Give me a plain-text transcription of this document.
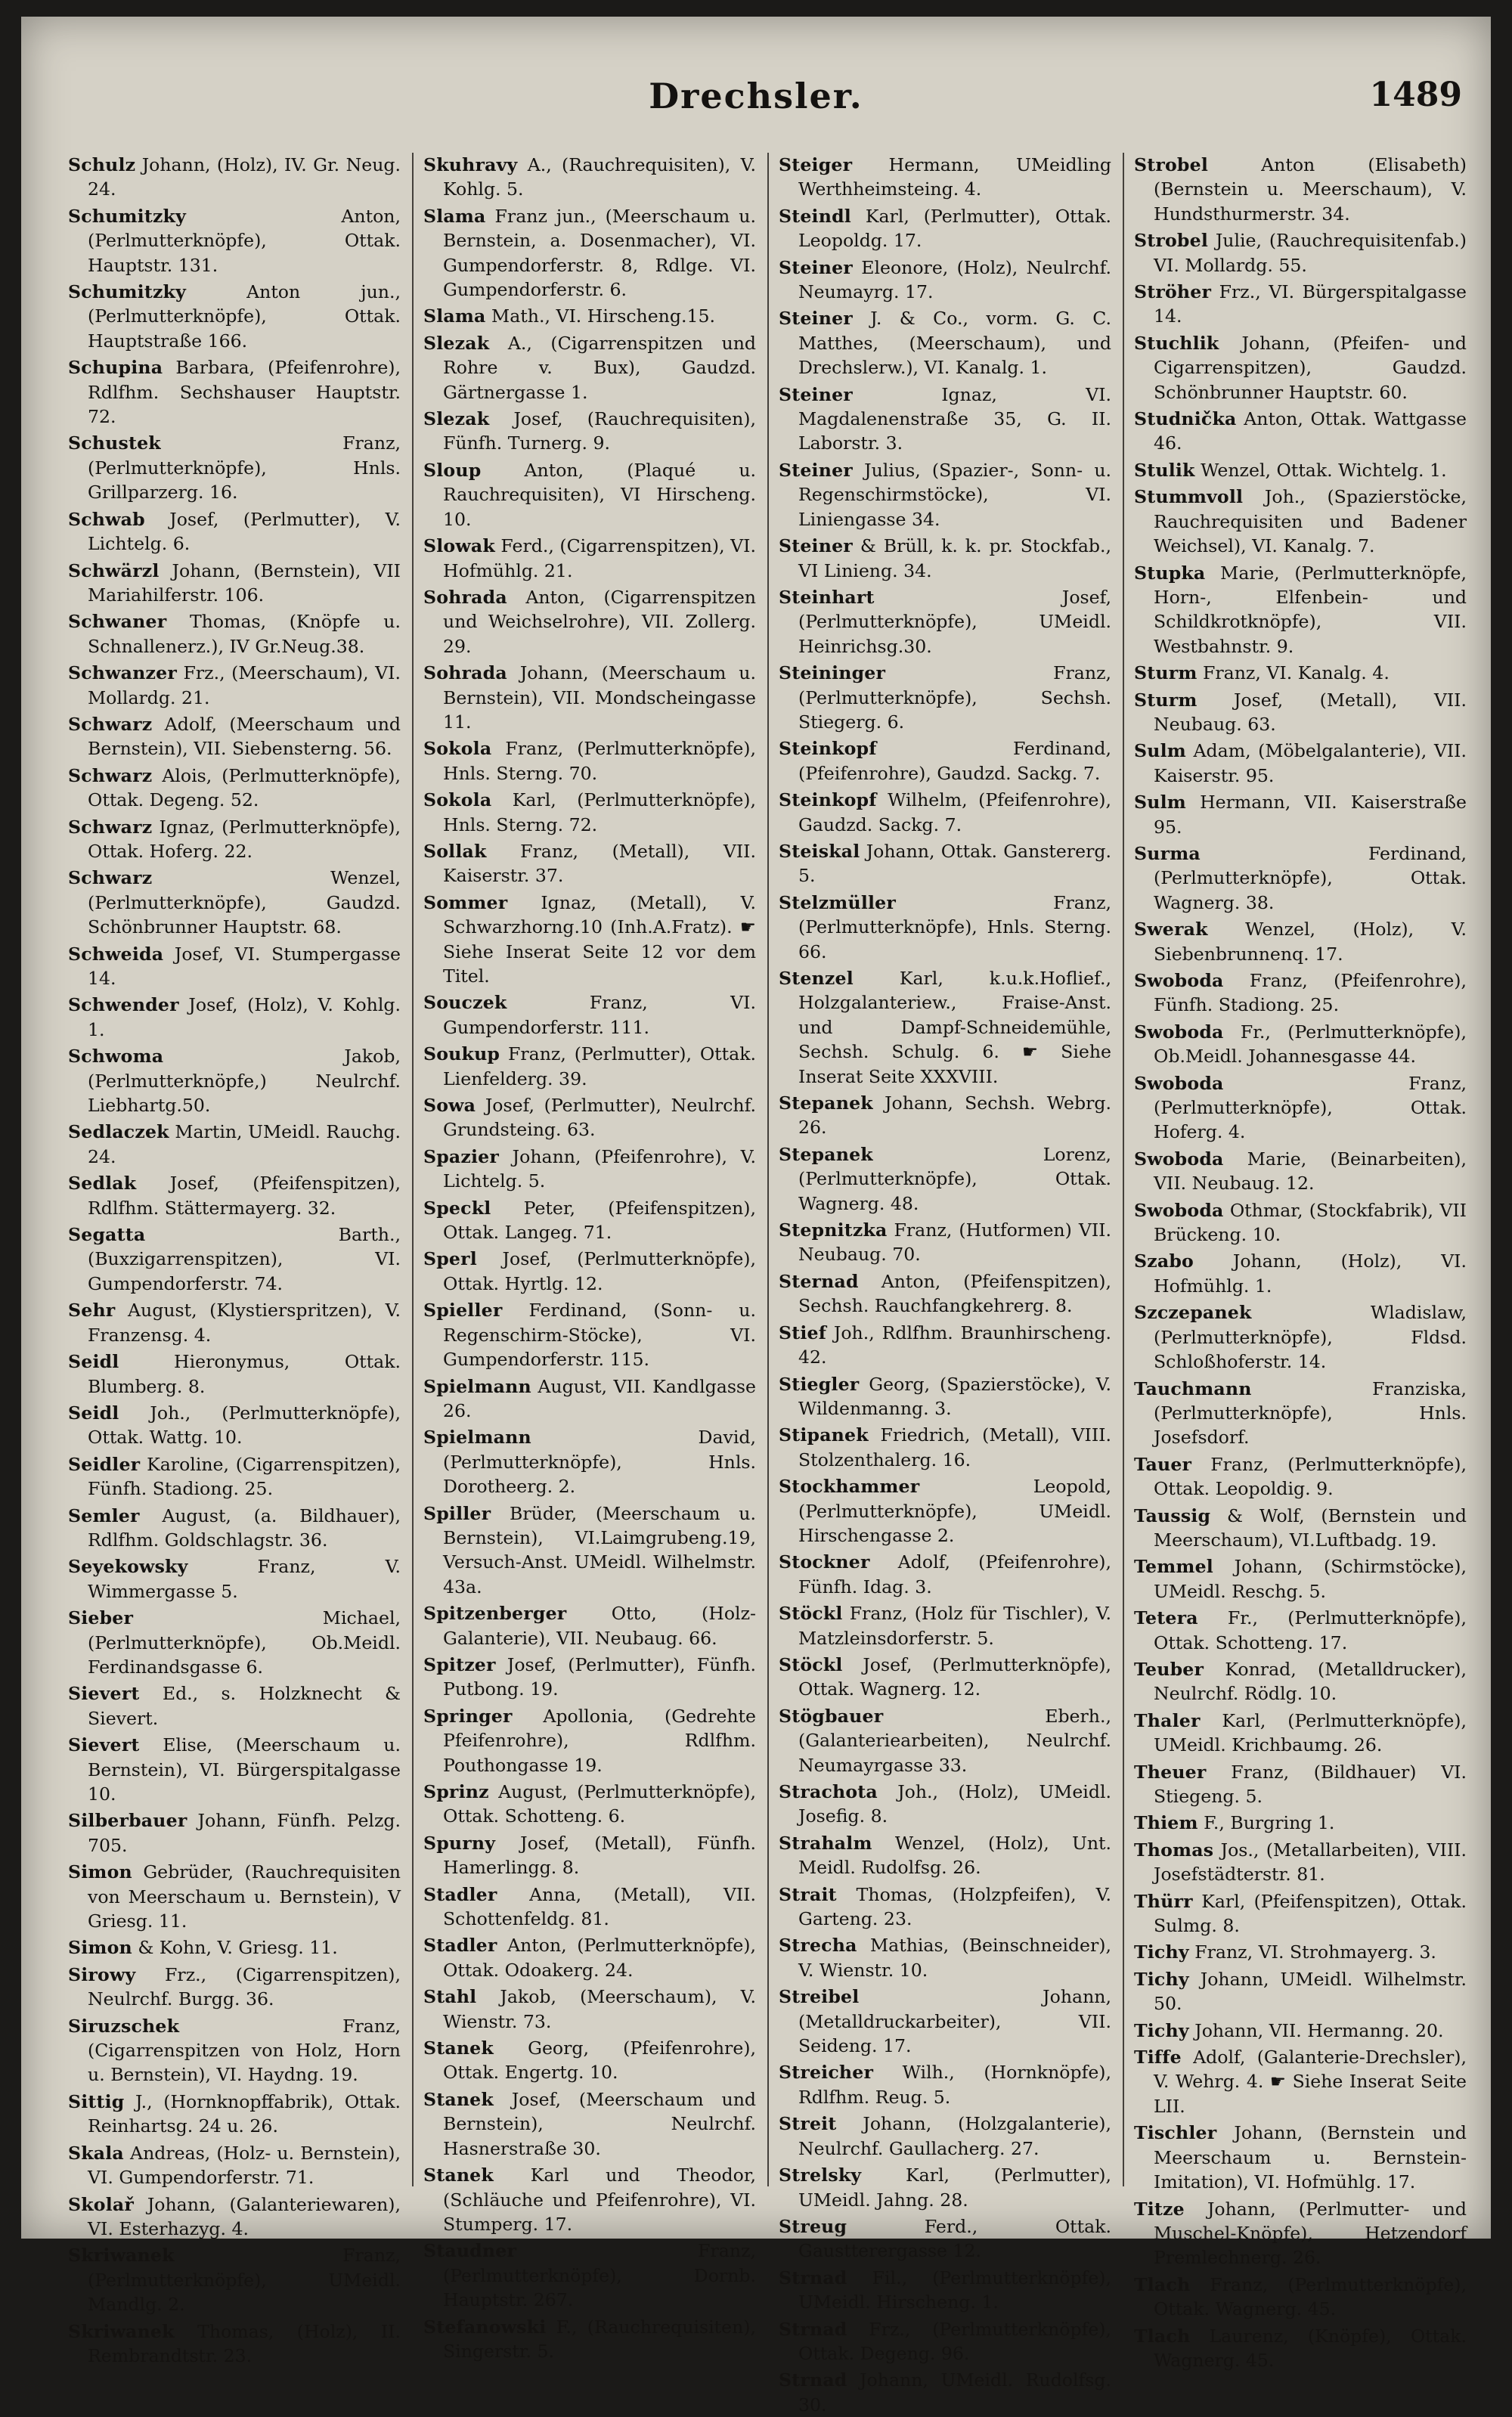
Drechsler.	1489
Schulz Johann, (Holz), IV. Gr. Neug. 24.
Schumitzky	Anton, (Perlmutterknöpfe), Ottak. Hauptstr. 131.
Schumitzky	Anton jun., (Perlmutterknöpfe), Ottak. Hauptstraße 166.
Schupina Barbara, (Pfeifenrohre), Rdlfhm. Sechshauser Hauptstr. 72.
Schustek	Franz, (Perlmutterknöpfe), Hnls. Grillparzerg. 16.
Schwab Josef, (Perlmutter), V. Lichtelg. 6.
Schwärzl Johann, (Bernstein), VII Mariahilferstr. 106.
Schwaner Thomas, (Knöpfe u. Schnallenerz.), IV Gr.Neug.38.
Schwanzer Frz., (Meerschaum), VI. Mollardg. 21.
Schwarz Adolf, (Meerschaum und Bernstein), VII. Siebensterng. 56.
Schwarz Alois, (Perlmutterknöpfe), Ottak. Degeng. 52.
Schwarz Ignaz, (Perlmutterknöpfe), Ottak. Hoferg. 22.
Schwarz	Wenzel, (Perlmutterknöpfe), Gaudzd. Schönbrunner Hauptstr. 68.
Schweida Josef, VI. Stumpergasse 14.
Schwender Josef, (Holz), V. Kohlg. 1.
Schwoma	Jakob, (Perlmutterknöpfe,) Neulrchf. Liebhartg.50.
Sedlaczek Martin, UMeidl. Rauchg. 24.
Sedlak Josef, (Pfeifenspitzen), Rdlfhm. Stättermayerg. 32.
Segatta	Barth., (Buxzigarrenspitzen), VI. Gumpendorferstr. 74.
Sehr August, (Klystierspritzen), V. Franzensg. 4.
Seidl	Hieronymus, Ottak. Blumberg. 8.
Seidl Joh., (Perlmutterknöpfe), Ottak. Wattg. 10.
Seidler Karoline, (Cigarrenspitzen), Fünfh. Stadiong. 25.
Semler August, (a. Bildhauer), Rdlfhm. Goldschlagstr. 36.
Seyekowsky	Franz, V. Wimmergasse 5.
Sieber	Michael, (Perlmutterknöpfe), Ob.Meidl. Ferdinandsgasse 6.
Sievert Ed., s. Holzknecht & Sievert.
Sievert Elise, (Meerschaum u. Bernstein), VI. Bürgerspitalgasse 10.
Silberbauer Johann, Fünfh. Pelzg. 705.
Simon Gebrüder, (Rauchrequisiten von Meerschaum u. Bernstein), V Griesg. 11.
Simon & Kohn, V. Griesg. 11.
Sirowy Frz., (Cigarrenspitzen), Neulrchf. Burgg. 36.
Siruzschek	Franz, (Cigarrenspitzen von Holz, Horn u. Bernstein), VI. Haydng. 19.
Sittig J., (Hornknopffabrik), Ottak. Reinhartsg. 24 u. 26.
Skala Andreas, (Holz- u. Bernstein), VI. Gumpendorferstr. 71.
Skolař Johann, (Galanteriewaren), VI. Esterhazyg. 4.
Skriwanek	Franz, (Perlmutterknöpfe), UMeidl. Mandlg. 2.
Skriwanek Thomas, (Holz), II. Rembrandtstr. 23.
Skuhravy A., (Rauchrequisiten), V. Kohlg. 5.
Slama Franz jun., (Meerschaum u. Bernstein, a. Dosenmacher), VI. Gumpendorferstr. 8, Rdlge. VI. Gumpendorferstr. 6.
Slama Math., VI. Hirscheng.15.
Slezak A., (Cigarrenspitzen und Rohre v. Bux), Gaudzd. Gärtnergasse 1.
Slezak Josef, (Rauchrequisiten), Fünfh. Turnerg. 9.
Sloup Anton, (Plaqué u. Rauchrequisiten), VI Hirscheng. 10.
Slowak Ferd., (Cigarrenspitzen), VI. Hofmühlg. 21.
Sohrada Anton, (Cigarrenspitzen und Weichselrohre), VII. Zollerg. 29.
Sohrada Johann, (Meerschaum u. Bernstein), VII. Mondscheingasse 11.
Sokola Franz, (Perlmutterknöpfe), Hnls. Sterng. 70.
Sokola Karl, (Perlmutterknöpfe), Hnls. Sterng. 72.
Sollak Franz, (Metall), VII. Kaiserstr. 37.
Sommer Ignaz, (Metall), V. Schwarzhorng.10 (Inh.A.Fratz). ☛ Siehe Inserat Seite 12 vor dem Titel.
Souczek	Franz, VI. Gumpendorferstr. 111.
Soukup Franz, (Perlmutter), Ottak. Lienfelderg. 39.
Sowa Josef, (Perlmutter), Neulrchf. Grundsteing. 63.
Spazier Johann, (Pfeifenrohre), V. Lichtelg. 5.
Speckl Peter, (Pfeifenspitzen), Ottak. Langeg. 71.
Sperl Josef, (Perlmutterknöpfe), Ottak. Hyrtlg. 12.
Spieller Ferdinand, (Sonn- u. Regenschirm-Stöcke), VI. Gumpendorferstr. 115.
Spielmann August, VII. Kandlgasse 26.
Spielmann	David, (Perlmutterknöpfe), Hnls. Dorotheerg. 2.
Spiller Brüder, (Meerschaum u. Bernstein), VI.Laimgrubeng.19, Versuch-Anst. UMeidl. Wilhelmstr. 43a.
Spitzenberger	Otto, (Holz-Galanterie), VII. Neubaug. 66.
Spitzer Josef, (Perlmutter), Fünfh. Putbong. 19.
Springer Apollonia, (Gedrehte Pfeifenrohre), Rdlfhm. Pouthongasse 19.
Sprinz August, (Perlmutterknöpfe), Ottak. Schotteng. 6.
Spurny Josef, (Metall), Fünfh. Hamerlingg. 8.
Stadler Anna, (Metall), VII. Schottenfeldg. 81.
Stadler Anton, (Perlmutterknöpfe), Ottak. Odoakerg. 24.
Stahl Jakob, (Meerschaum), V. Wienstr. 73.
Stanek Georg, (Pfeifenrohre), Ottak. Engertg. 10.
Stanek Josef, (Meerschaum und Bernstein), Neulrchf. Hasnerstraße 30.
Stanek Karl und Theodor, (Schläuche und Pfeifenrohre), VI. Stumperg. 17.
Staudner	Franz, (Perlmutterknöpfe), Dornb. Hauptstr. 267.
Stefanowski F., (Rauchrequisiten), Singerstr. 5.
Steiger Hermann, UMeidling Werthheimsteing. 4.
Steindl Karl, (Perlmutter), Ottak. Leopoldg. 17.
Steiner Eleonore, (Holz), Neulrchf. Neumayrg. 17.
Steiner J. & Co., vorm. G. C. Matthes, (Meerschaum), und Drechslerw.), VI. Kanalg. 1.
Steiner	Ignaz, VI. Magdalenenstraße 35, G. II. Laborstr. 3.
Steiner Julius, (Spazier-, Sonn- u. Regenschirmstöcke), VI. Liniengasse 34.
Steiner & Brüll, k. k. pr. Stockfab., VI Linieng. 34.
Steinhart	Josef, (Perlmutterknöpfe), UMeidl. Heinrichsg.30.
Steininger	Franz, (Perlmutterknöpfe), Sechsh. Stiegerg. 6.
Steinkopf	Ferdinand, (Pfeifenrohre), Gaudzd. Sackg. 7.
Steinkopf Wilhelm, (Pfeifenrohre), Gaudzd. Sackg. 7.
Steiskal Johann, Ottak. Ganstererg. 5.
Stelzmüller	Franz, (Perlmutterknöpfe), Hnls. Sterng. 66.
Stenzel	Karl, k.u.k.Hoflief., Holzgalanteriew., Fraise-Anst. und Dampf-Schneidemühle, Sechsh. Schulg. 6. ☛ Siehe Inserat Seite XXXVIII.
Stepanek Johann, Sechsh. Webrg. 26.
Stepanek	Lorenz, (Perlmutterknöpfe), Ottak. Wagnerg. 48.
Stepnitzka Franz, (Hutformen) VII. Neubaug. 70.
Sternad Anton, (Pfeifenspitzen), Sechsh. Rauchfangkehrerg. 8.
Stief Joh., Rdlfhm. Braunhirscheng. 42.
Stiegler Georg, (Spazierstöcke), V. Wildenmanng. 3.
Stipanek Friedrich, (Metall), VIII. Stolzenthalerg. 16.
Stockhammer	Leopold, (Perlmutterknöpfe), UMeidl. Hirschengasse 2.
Stockner Adolf, (Pfeifenrohre), Fünfh. Idag. 3.
Stöckl Franz, (Holz für Tischler), V. Matzleinsdorferstr. 5.
Stöckl Josef, (Perlmutterknöpfe), Ottak. Wagnerg. 12.
Stögbauer	Eberh., (Galanteriearbeiten), Neulrchf. Neumayrgasse 33.
Strachota Joh., (Holz), UMeidl. Josefig. 8.
Strahalm Wenzel, (Holz), Unt. Meidl. Rudolfsg. 26.
Strait Thomas, (Holzpfeifen), V. Garteng. 23.
Strecha Mathias, (Beinschneider), V. Wienstr. 10.
Streibel	Johann, (Metalldruckarbeiter), VII. Seideng. 17.
Streicher Wilh., (Hornknöpfe), Rdlfhm. Reug. 5.
Streit Johann, (Holzgalanterie), Neulrchf. Gaullacherg. 27.
Strelsky Karl, (Perlmutter), UMeidl. Jahng. 28.
Streug	Ferd., Ottak. Gaustterergasse 12.
Strnad Fil., (Perlmutterknöpfe), UMeidl. Hirscheng. 1.
Strnad Frz., (Perlmutterknöpfe), Ottak. Degeng. 96.
Strnad Johann, UMeidl. Rudolfsg. 30.
Strobel	Anton (Elisabeth) (Bernstein u. Meerschaum), V. Hundsthurmerstr. 34.
Strobel Julie, (Rauchrequisitenfab.) VI. Mollardg. 55.
Ströher Frz., VI. Bürgerspitalgasse 14.
Stuchlik Johann, (Pfeifen- und Cigarrenspitzen), Gaudzd. Schönbrunner Hauptstr. 60.
Studnička Anton, Ottak. Wattgasse 46.
Stulik Wenzel, Ottak. Wichtelg. 1.
Stummvoll Joh., (Spazierstöcke, Rauchrequisiten und Badener Weichsel), VI. Kanalg. 7.
Stupka Marie, (Perlmutterknöpfe, Horn-, Elfenbein- und Schildkrotknöpfe), VII. Westbahnstr. 9.
Sturm Franz, VI. Kanalg. 4.
Sturm Josef, (Metall), VII. Neubaug. 63.
Sulm Adam, (Möbelgalanterie), VII. Kaiserstr. 95.
Sulm Hermann, VII. Kaiserstraße 95.
Surma	Ferdinand, (Perlmutterknöpfe), Ottak. Wagnerg. 38.
Swerak Wenzel, (Holz), V. Siebenbrunnenq. 17.
Swoboda Franz, (Pfeifenrohre), Fünfh. Stadiong. 25.
Swoboda Fr., (Perlmutterknöpfe), Ob.Meidl. Johannesgasse 44.
Swoboda	Franz, (Perlmutterknöpfe), Ottak. Hoferg. 4.
Swoboda Marie, (Beinarbeiten), VII. Neubaug. 12.
Swoboda Othmar, (Stockfabrik), VII Brückeng. 10.
Szabo Johann, (Holz), VI. Hofmühlg. 1.
Szczepanek	Wladislaw, (Perlmutterknöpfe), Fldsd. Schloßhoferstr. 14.
Tauchmann	Franziska, (Perlmutterknöpfe), Hnls. Josefsdorf.
Tauer Franz, (Perlmutterknöpfe), Ottak. Leopoldig. 9.
Taussig & Wolf, (Bernstein und Meerschaum), VI.Luftbadg. 19.
Temmel Johann, (Schirmstöcke), UMeidl. Reschg. 5.
Tetera Fr., (Perlmutterknöpfe), Ottak. Schotteng. 17.
Teuber Konrad, (Metalldrucker), Neulrchf. Rödlg. 10.
Thaler Karl, (Perlmutterknöpfe), UMeidl. Krichbaumg. 26.
Theuer Franz, (Bildhauer) VI. Stiegeng. 5.
Thiem F., Burgring 1.
Thomas Jos., (Metallarbeiten), VIII. Josefstädterstr. 81.
Thürr Karl, (Pfeifenspitzen), Ottak. Sulmg. 8.
Tichy Franz, VI. Strohmayerg. 3.
Tichy Johann, UMeidl. Wilhelmstr. 50.
Tichy Johann, VII. Hermanng. 20.
Tiffe Adolf, (Galanterie-Drechsler), V. Wehrg. 4. ☛ Siehe Inserat Seite LII.
Tischler Johann, (Bernstein und Meerschaum u. Bernstein-Imitation), VI. Hofmühlg. 17.
Titze Johann, (Perlmutter- und Muschel-Knöpfe), Hetzendorf Premlechnerg. 26.
Tlach Franz, (Perlmutterknöpfe), Ottak. Wagnerg. 45.
Tlach Laurenz, (Knöpfe), Ottak. Wagnerg. 45.
